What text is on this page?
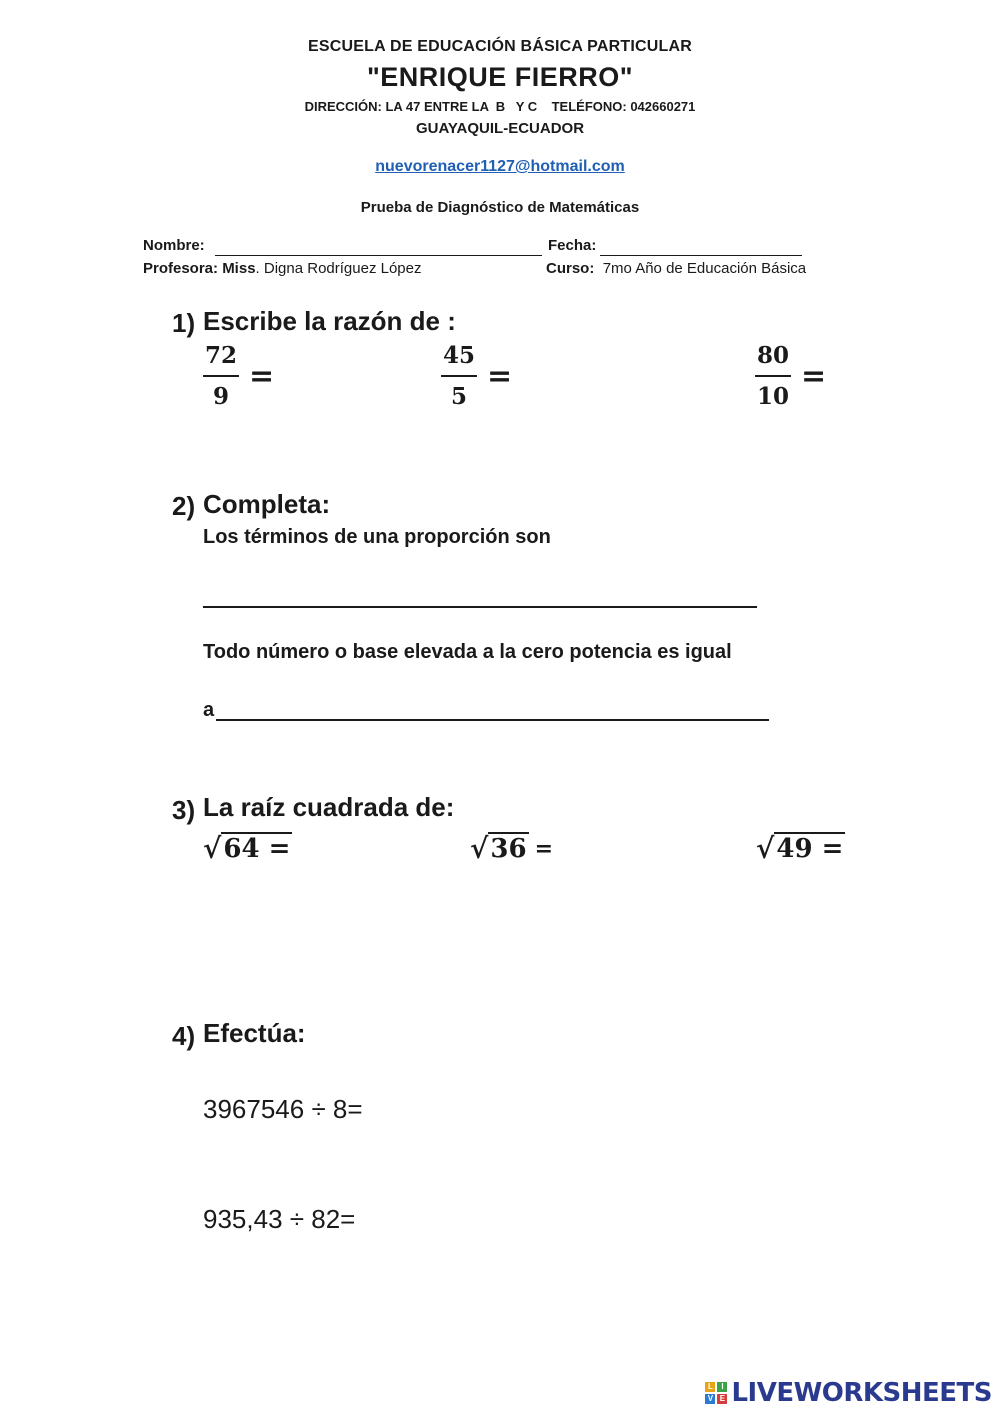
ESCUELA DE EDUCACIÓN BÁSICA PARTICULAR
"ENRIQUE FIERRO"
DIRECCIÓN: LA 47 ENTRE LA  B   Y C    TELÉFONO: 042660271
GUAYAQUIL-ECUADOR
nuevorenacer1127@hotmail.com
Prueba de Diagnóstico de Matemáticas
Nombre:	Fecha:
Profesora: Miss. Digna Rodríguez López	Curso: 7mo Año de Educación Básica
1) Escribe la razón de :
$\frac{72}{9}$ =	$\frac{45}{5}$ =	$\frac{80}{10}$ =
2) Completa:
Los términos de una proporción son
Todo número o base elevada a la cero potencia es igual
a
3) La raíz cuadrada de:
√ 64 =	√ 36 =	√ 49 =
4) Efectúa:
3967546 ÷ 8=
935,43 ÷ 82=
L	I
V E LIVEWORKSHEETS
